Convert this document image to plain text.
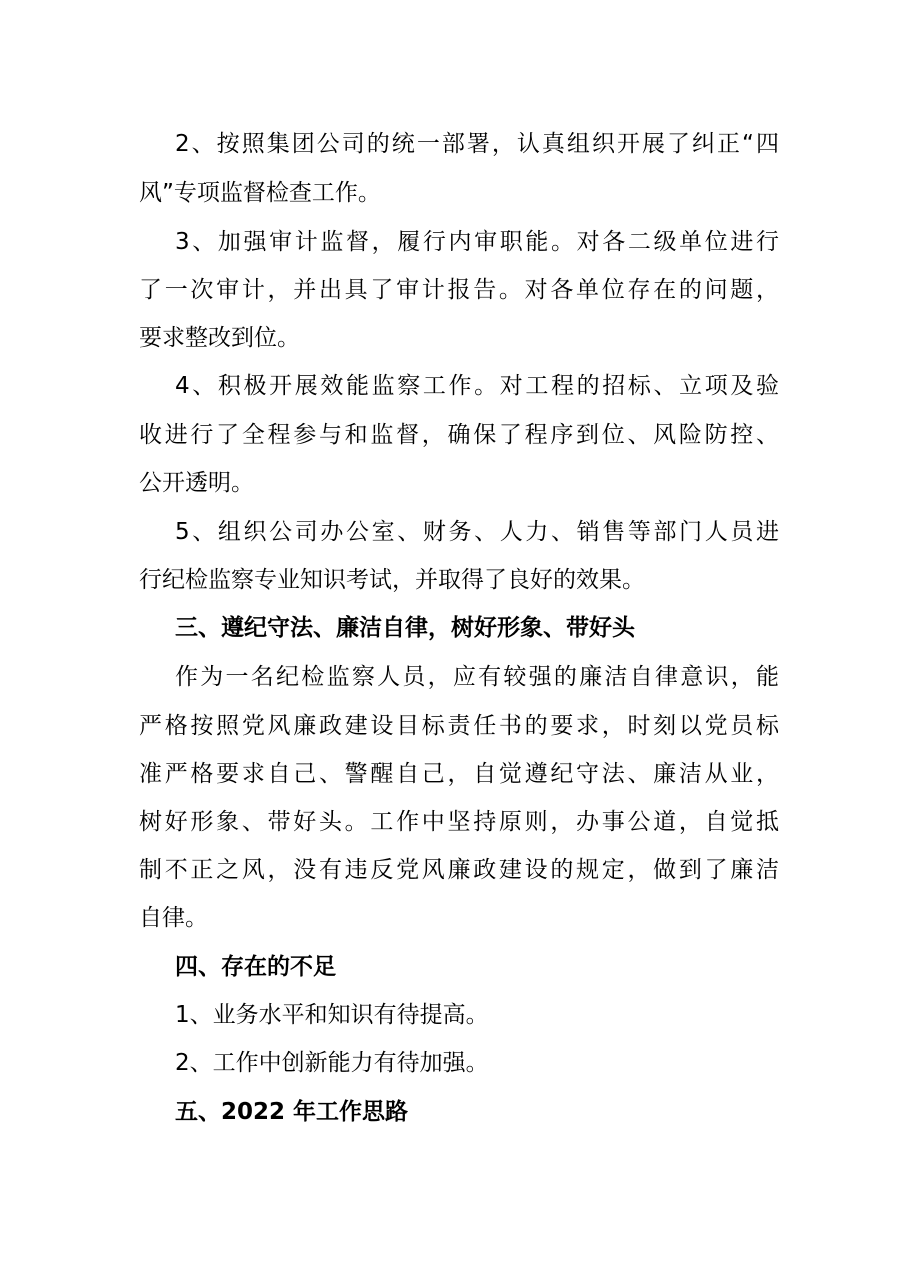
2、按照集团公司的统一部署，认真组织开展了纠正“四
风”专项监督检查工作。
3、加强审计监督，履行内审职能。对各二级单位进行
了一次审计，并出具了审计报告。对各单位存在的问题，
要求整改到位。
4、积极开展效能监察工作。对工程的招标、立项及验
收进行了全程参与和监督，确保了程序到位、风险防控、
公开透明。
5、组织公司办公室、财务、人力、销售等部门人员进
行纪检监察专业知识考试，并取得了良好的效果。
三、遵纪守法、廉洁自律，树好形象、带好头
作为一名纪检监察人员，应有较强的廉洁自律意识，能
严格按照党风廉政建设目标责任书的要求，时刻以党员标
准严格要求自己、警醒自己，自觉遵纪守法、廉洁从业，
树好形象、带好头。工作中坚持原则，办事公道，自觉抵
制不正之风，没有违反党风廉政建设的规定，做到了廉洁
自律。
四、存在的不足
1、业务水平和知识有待提高。
2、工作中创新能力有待加强。
五、2022 年工作思路
